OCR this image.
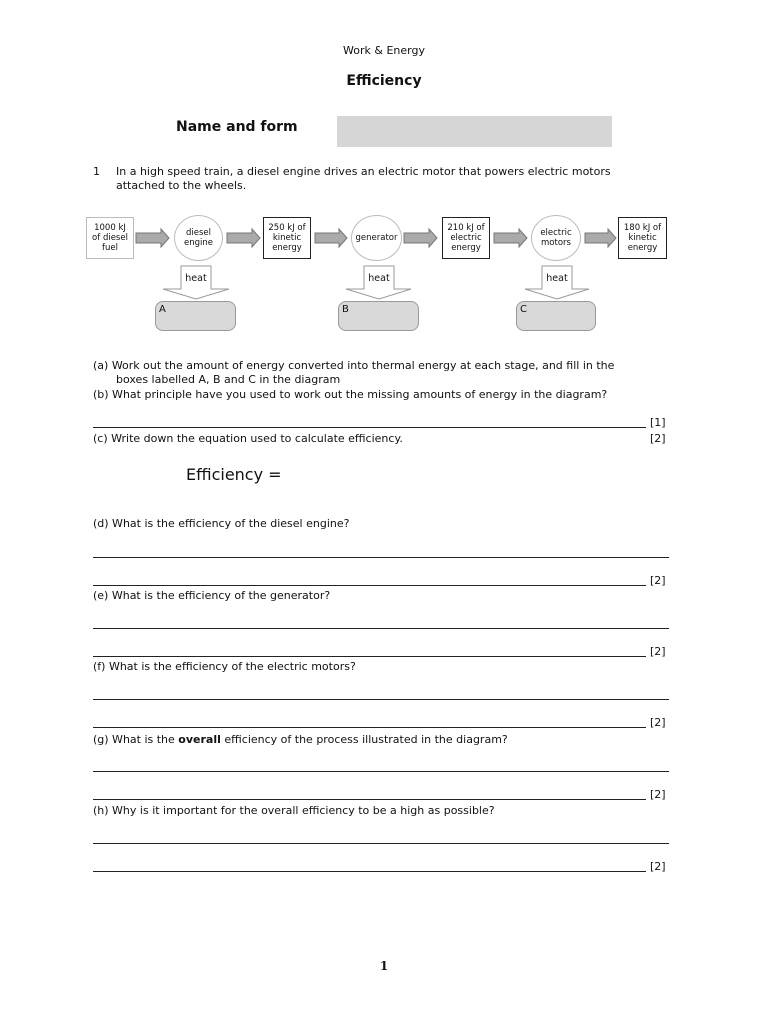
Work & Energy
Efficiency
Name and form
1 In a high speed train, a diesel engine drives an electric motor that powers electric motors
attached to the wheels.
1000 kJ
of diesel
fuel
diesel
engine
250 kJ of
kinetic
energy
generator
210 kJ of
electric
energy
electric
motors
180 kJ of
kinetic
energy
heat	heat	heat
A	B	C
(a) Work out the amount of energy converted into thermal energy at each stage, and fill in the
boxes labelled A, B and C in the diagram
(b) What principle have you used to work out the missing amounts of energy in the diagram?
[1]
(c) Write down the equation used to calculate efficiency.	[2]
Efficiency =
(d) What is the efficiency of the diesel engine?
[2]
(e) What is the efficiency of the generator?
[2]
(f) What is the efficiency of the electric motors?
[2]
(g) What is the overall efficiency of the process illustrated in the diagram?
[2]
(h) Why is it important for the overall efficiency to be a high as possible?
[2]
1
